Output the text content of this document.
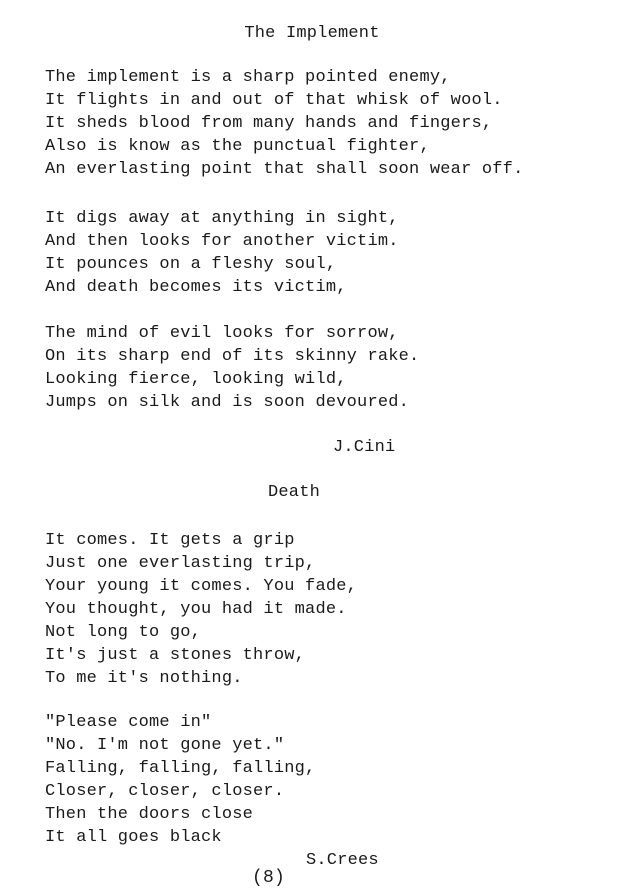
The Implement
The implement is a sharp pointed enemy,
It flights in and out of that whisk of wool.
It sheds blood from many hands and fingers,
Also is know as the punctual fighter,
An everlasting point that shall soon wear off.
It digs away at anything in sight,
And then looks for another victim.
It pounces on a fleshy soul,
And death becomes its victim,
The mind of evil looks for sorrow,
On its sharp end of its skinny rake.
Looking fierce, looking wild,
Jumps on silk and is soon devoured.
J.Cini
Death
It comes. It gets a grip
Just one everlasting trip,
Your young it comes. You fade,
You thought, you had it made.
Not long to go,
It's just a stones throw,
To me it's nothing.
"Please come in"
"No. I'm not gone yet."
Falling, falling, falling,
Closer, closer, closer.
Then the doors close
It all goes black
S.Crees
(8)
